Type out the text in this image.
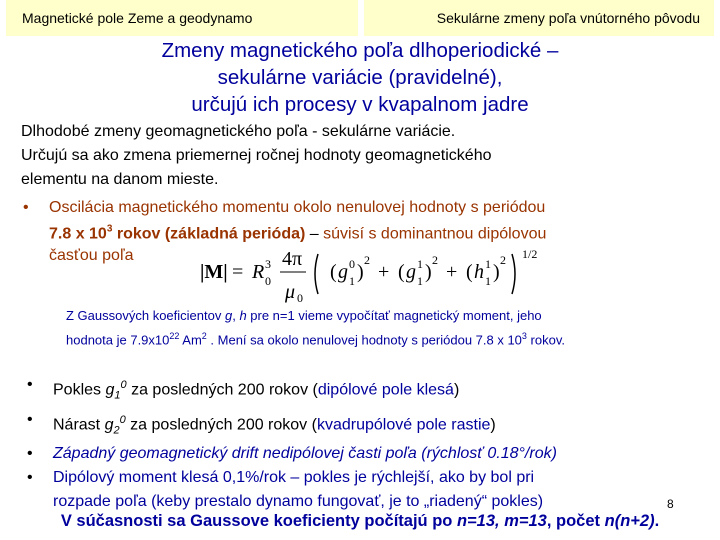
Magnetické pole Zeme a geodynamo	Sekulárne zmeny poľa vnútorného pôvodu
Zmeny magnetického poľa dlhoperiodické –
sekulárne variácie (pravidelné),
určujú ich procesy v kvapalnom jadre
Dlhodobé zmeny geomagnetického poľa - sekulárne variácie.
Určujú sa ako zmena priemernej ročnej hodnoty geomagnetického
elementu na danom mieste.
• Oscilácia magnetického momentu okolo nenulovej hodnoty s periódou
7.8 x $10^3$ rokov (základná perióda) – súvisí s dominantnou dipólovou
časťou poľa
|M| = R 3
0
4π
μ 0
( g 0
1 )
2
+ ( g 1
1 )
2
+ ( h 1
1 )
2 1/2
Z Gaussových koeficientov g, h pre n=1 vieme vypočítať magnetický moment, jeho
hodnota je $7.9x10^{22}$ Am$^2$ . Mení sa okolo nenulovej hodnoty s periódou 7.8 x $10^3$ rokov.
• Pokles $g_1^0$ za posledných 200 rokov (dipólové pole klesá)
• Nárast $g_2^0$ za posledných 200 rokov (kvadrupólové pole rastie)
• Západný geomagnetický drift nedipólovej časti poľa (rýchlosť 0.18°/rok)
• Dipólový moment klesá 0,1%/rok – pokles je rýchlejší, ako by bol pri
rozpade poľa (keby prestalo dynamo fungovať, je to „riadený“ pokles)	8
V súčasnosti sa Gaussove koeficienty počítajú po n=13, m=13, počet n(n+2).
